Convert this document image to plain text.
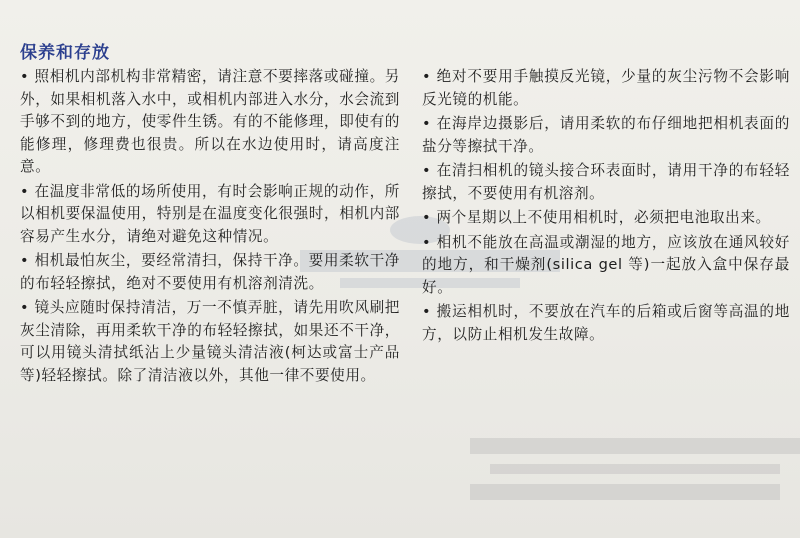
保养和存放

• 照相机内部机构非常精密，请注意不要摔落或碰撞。另外，如果相机落入水中，或相机内部进入水分，水会流到手够不到的地方，使零件生锈。有的不能修理，即使有的能修理，修理费也很贵。所以在水边使用时，请高度注意。

• 在温度非常低的场所使用，有时会影响正规的动作，所以相机要保温使用，特别是在温度变化很强时，相机内部容易产生水分，请绝对避免这种情况。

• 相机最怕灰尘，要经常清扫，保持干净。要用柔软干净的布轻轻擦拭，绝对不要使用有机溶剂清洗。

• 镜头应随时保持清洁，万一不慎弄脏，请先用吹风刷把灰尘清除，再用柔软干净的布轻轻擦拭，如果还不干净，可以用镜头清拭纸沾上少量镜头清洁液(柯达或富士产品等)轻轻擦拭。除了清洁液以外，其他一律不要使用。

• 绝对不要用手触摸反光镜，少量的灰尘污物不会影响反光镜的机能。

• 在海岸边摄影后，请用柔软的布仔细地把相机表面的盐分等擦拭干净。

• 在清扫相机的镜头接合环表面时，请用干净的布轻轻擦拭，不要使用有机溶剂。

• 两个星期以上不使用相机时，必须把电池取出来。

• 相机不能放在高温或潮湿的地方，应该放在通风较好的地方，和干燥剂(silica gel 等)一起放入盒中保存最好。

• 搬运相机时，不要放在汽车的后箱或后窗等高温的地方，以防止相机发生故障。
